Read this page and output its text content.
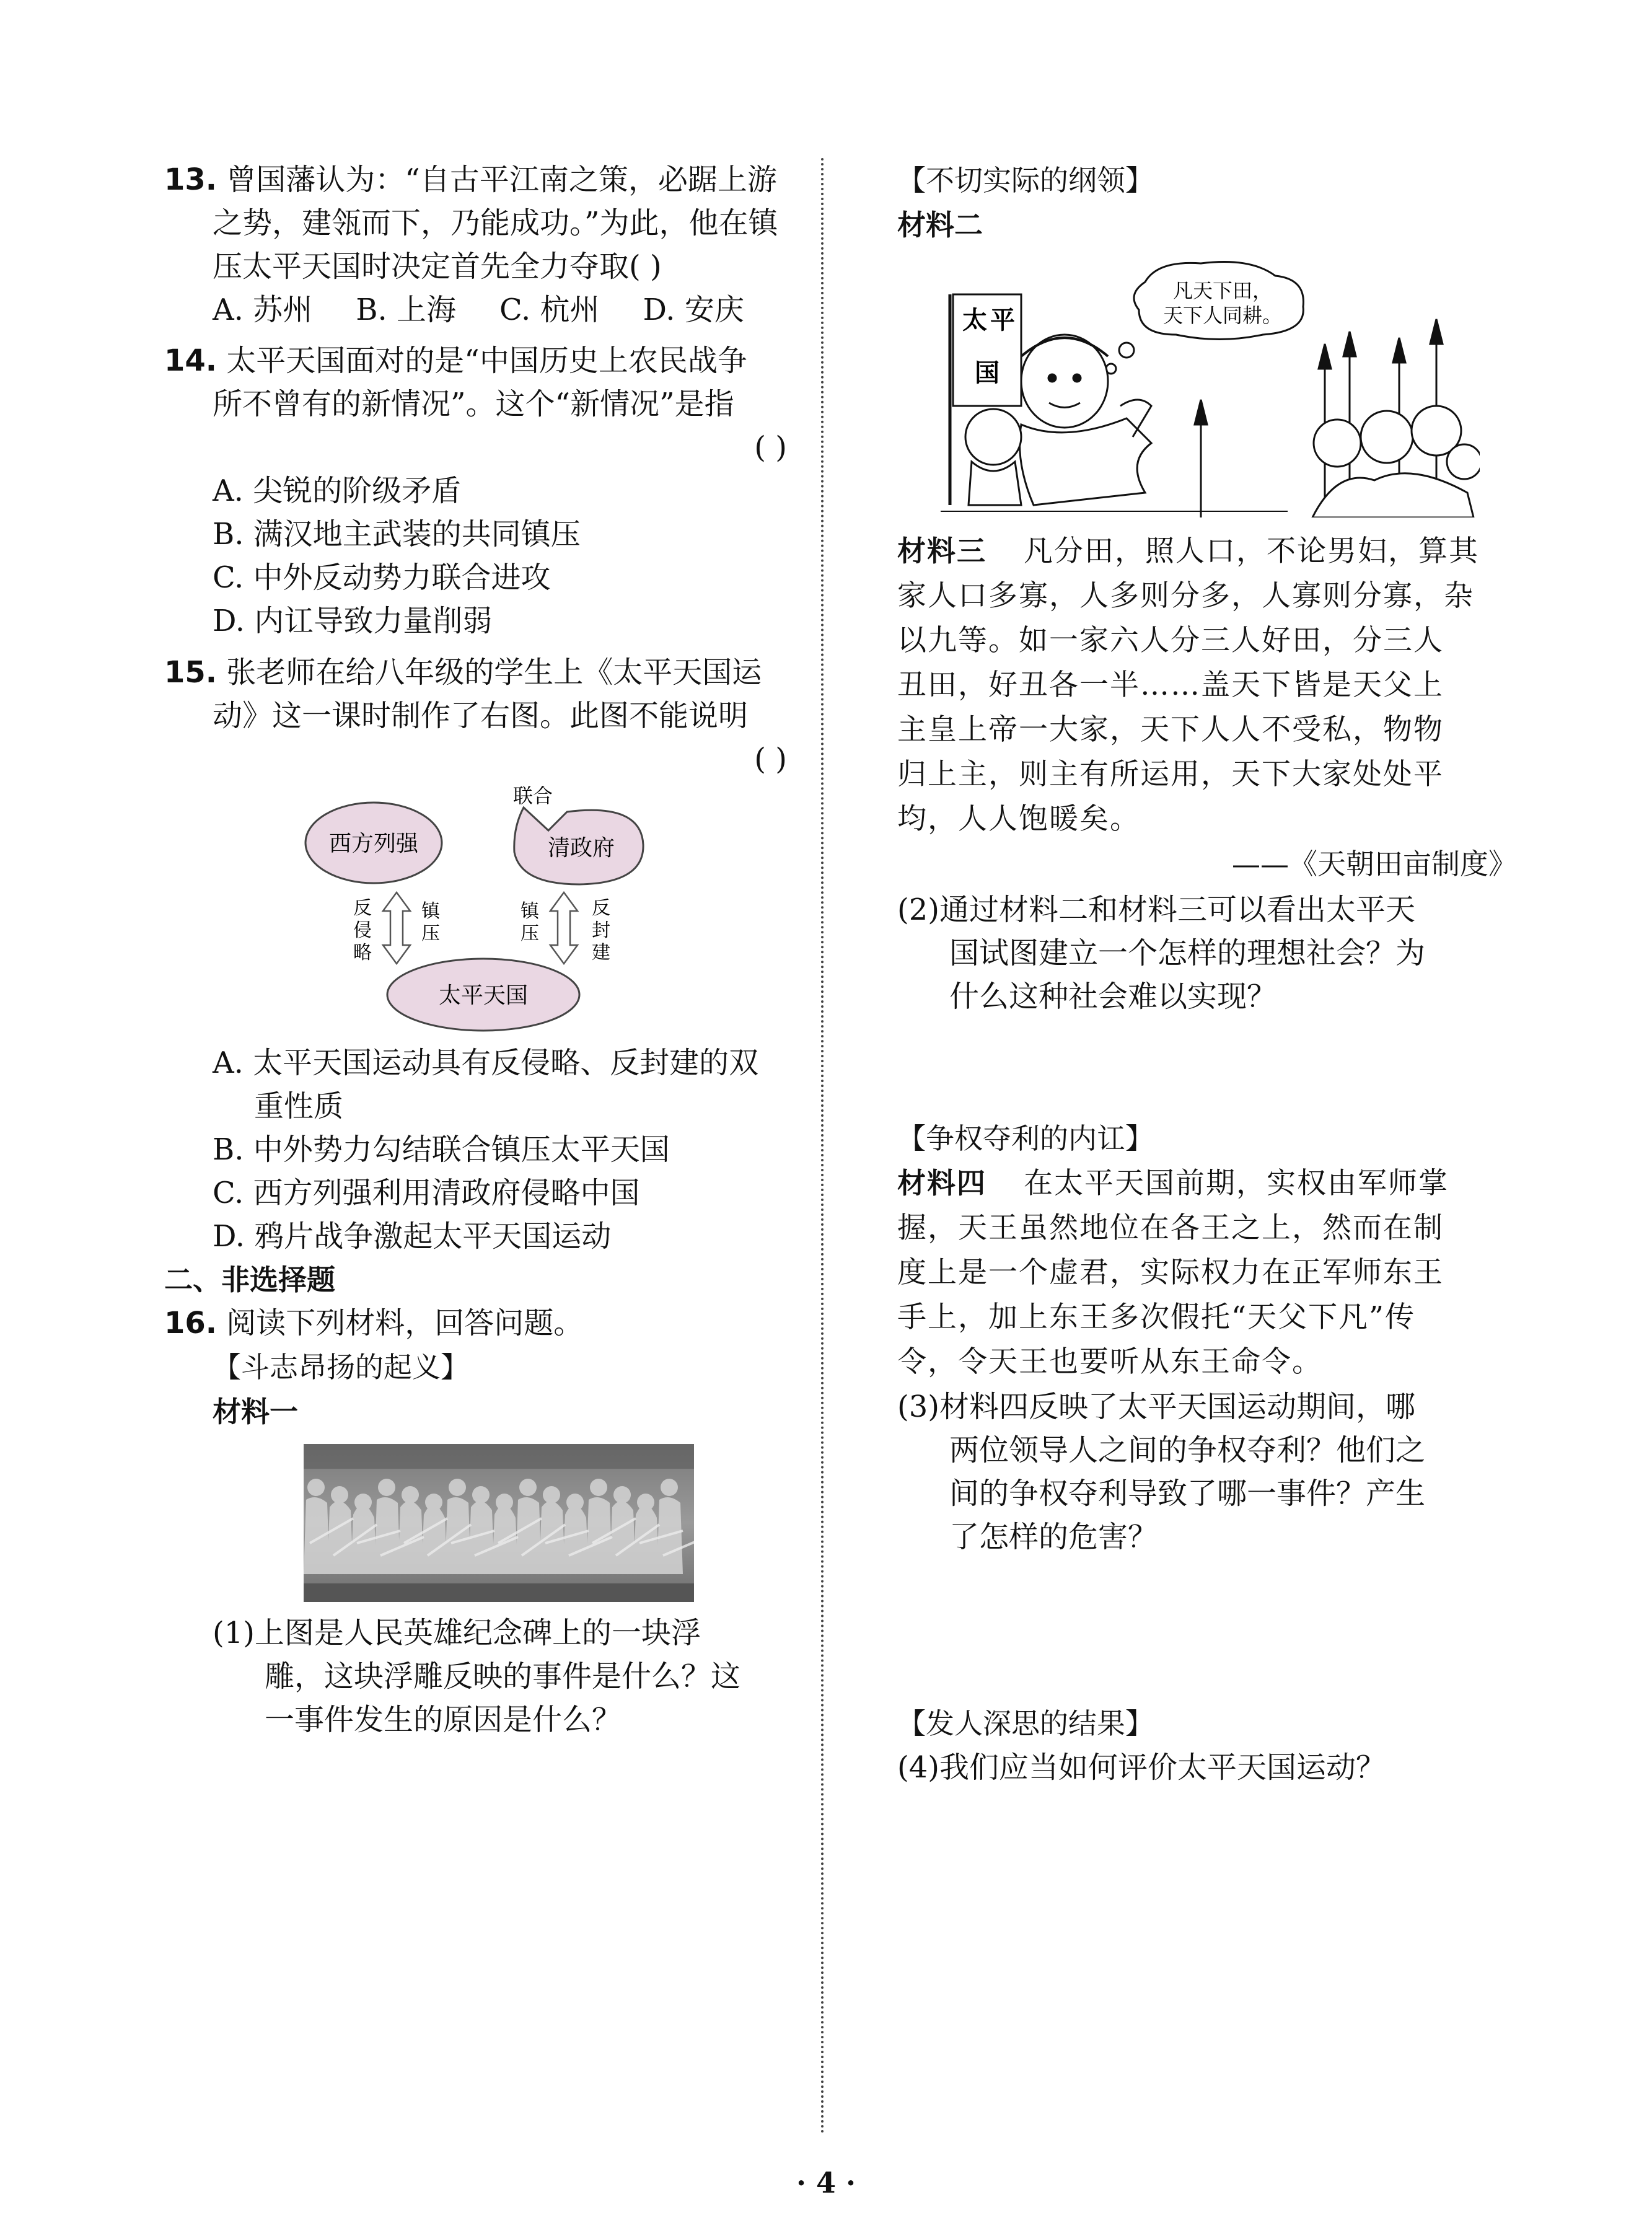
13. 曾国藩认为：“自古平江南之策，必踞上游
之势，建瓴而下，乃能成功。”为此，他在镇
压太平天国时决定首先全力夺取( )
A. 苏州 B. 上海 C. 杭州 D. 安庆
14. 太平天国面对的是“中国历史上农民战争
所不曾有的新情况”。这个“新情况”是指
( )
A. 尖锐的阶级矛盾
B. 满汉地主武装的共同镇压
C. 中外反动势力联合进攻
D. 内讧导致力量削弱
15. 张老师在给八年级的学生上《太平天国运
动》这一课时制作了右图。此图不能说明
( )
西方列强	清政府
联合
太平天国
反侵略
镇压
镇压
反封建
A. 太平天国运动具有反侵略、反封建的双
重性质
B. 中外势力勾结联合镇压太平天国
C. 西方列强利用清政府侵略中国
D. 鸦片战争激起太平天国运动
二、非选择题
16. 阅读下列材料，回答问题。
【斗志昂扬的起义】
材料一
(1)上图是人民英雄纪念碑上的一块浮
雕，这块浮雕反映的事件是什么？这
一事件发生的原因是什么？
【不切实际的纲领】
材料二
凡天下田，
天下人同耕。
太 平
国
材料三 凡分田，照人口，不论男妇，算其
家人口多寡，人多则分多，人寡则分寡，杂
以九等。如一家六人分三人好田，分三人
丑田，好丑各一半……盖天下皆是天父上
主皇上帝一大家，天下人人不受私，物物
归上主，则主有所运用，天下大家处处平
均，人人饱暖矣。
——《天朝田亩制度》
(2)通过材料二和材料三可以看出太平天
国试图建立一个怎样的理想社会？为
什么这种社会难以实现？
【争权夺利的内讧】
材料四 在太平天国前期，实权由军师掌
握，天王虽然地位在各王之上，然而在制
度上是一个虚君，实际权力在正军师东王
手上，加上东王多次假托“天父下凡”传
令，令天王也要听从东王命令。
(3)材料四反映了太平天国运动期间，哪
两位领导人之间的争权夺利？他们之
间的争权夺利导致了哪一事件？产生
了怎样的危害？
【发人深思的结果】
(4)我们应当如何评价太平天国运动？
· 4 ·
